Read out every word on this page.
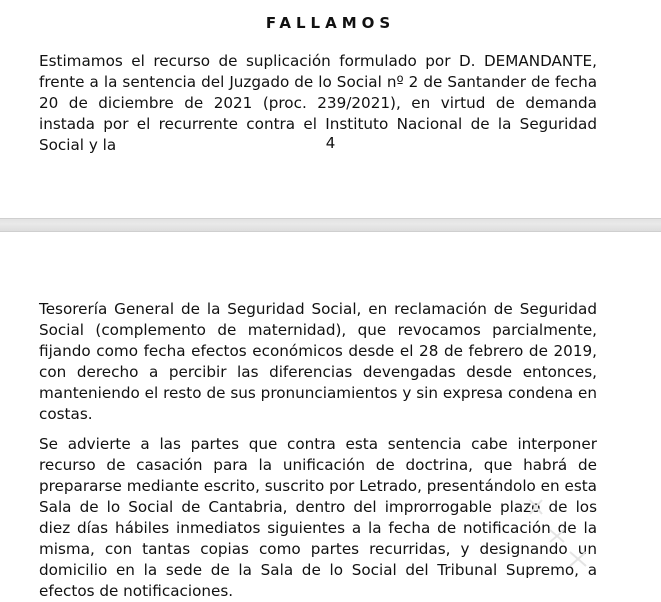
FALLAMOS

Estimamos el recurso de suplicación formulado por D. DEMANDANTE, frente a la sentencia del Juzgado de lo Social nº 2 de Santander de fecha 20 de diciembre de 2021 (proc. 239/2021), en virtud de demanda instada por el recurrente contra el Instituto Nacional de la Seguridad Social y la	4

Tesorería General de la Seguridad Social, en reclamación de Seguridad Social (complemento de maternidad), que revocamos parcialmente, fijando como fecha efectos económicos desde el 28 de febrero de 2019, con derecho a percibir las diferencias devengadas desde entonces, manteniendo el resto de sus pronunciamientos y sin expresa condena en costas.

Se advierte a las partes que contra esta sentencia cabe interponer recurso de casación para la unificación de doctrina, que habrá de prepararse mediante escrito, suscrito por Letrado, presentándolo en esta Sala de lo Social de Cantabria, dentro del improrrogable plazo de los diez días hábiles inmediatos siguientes a la fecha de notificación de la misma, con tantas copias como partes recurridas, y designando un domicilio en la sede de la Sala de lo Social del Tribunal Supremo, a efectos de notificaciones.
